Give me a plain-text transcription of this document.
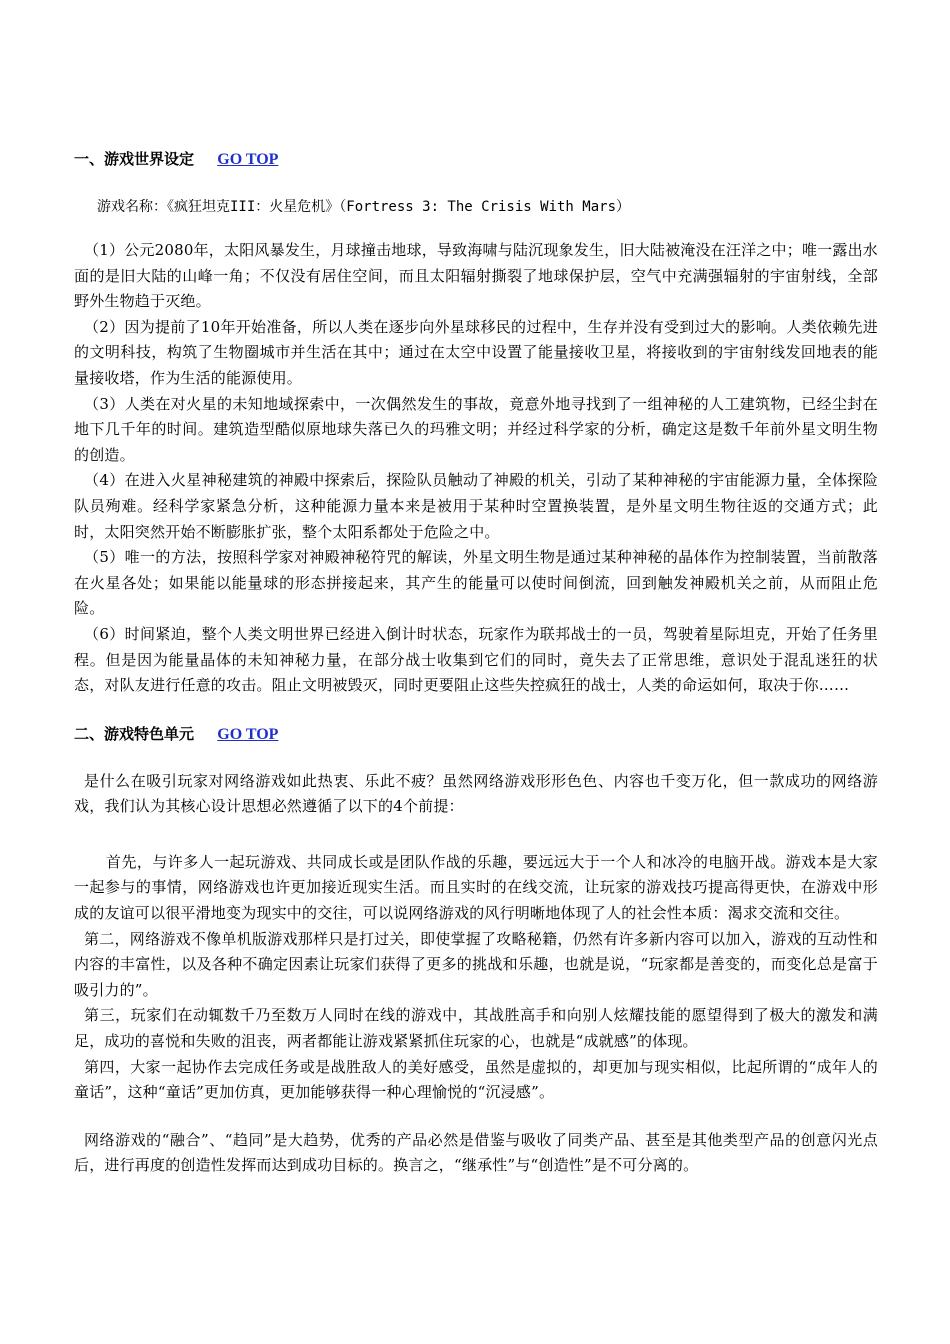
一、游戏世界设定 GO TOP

游戏名称：《疯狂坦克III：火星危机》（Fortress 3: The Crisis With Mars）

（1）公元2080年，太阳风暴发生，月球撞击地球，导致海啸与陆沉现象发生，旧大陆被淹没在汪洋之中；唯一露出水面的是旧大陆的山峰一角；不仅没有居住空间，而且太阳辐射撕裂了地球保护层，空气中充满强辐射的宇宙射线，全部野外生物趋于灭绝。

（2）因为提前了10年开始准备，所以人类在逐步向外星球移民的过程中，生存并没有受到过大的影响。人类依赖先进的文明科技，构筑了生物圈城市并生活在其中；通过在太空中设置了能量接收卫星，将接收到的宇宙射线发回地表的能量接收塔，作为生活的能源使用。

（3）人类在对火星的未知地域探索中，一次偶然发生的事故，竟意外地寻找到了一组神秘的人工建筑物，已经尘封在地下几千年的时间。建筑造型酷似原地球失落已久的玛雅文明；并经过科学家的分析，确定这是数千年前外星文明生物的创造。

（4）在进入火星神秘建筑的神殿中探索后，探险队员触动了神殿的机关，引动了某种神秘的宇宙能源力量，全体探险队员殉难。经科学家紧急分析，这种能源力量本来是被用于某种时空置换装置，是外星文明生物往返的交通方式；此时，太阳突然开始不断膨胀扩张，整个太阳系都处于危险之中。

（5）唯一的方法，按照科学家对神殿神秘符咒的解读，外星文明生物是通过某种神秘的晶体作为控制装置，当前散落在火星各处；如果能以能量球的形态拼接起来，其产生的能量可以使时间倒流，回到触发神殿机关之前，从而阻止危险。

（6）时间紧迫，整个人类文明世界已经进入倒计时状态，玩家作为联邦战士的一员，驾驶着星际坦克，开始了任务里程。但是因为能量晶体的未知神秘力量，在部分战士收集到它们的同时，竟失去了正常思维，意识处于混乱迷狂的状态，对队友进行任意的攻击。阻止文明被毁灭，同时更要阻止这些失控疯狂的战士，人类的命运如何，取决于你……

二、游戏特色单元 GO TOP

是什么在吸引玩家对网络游戏如此热衷、乐此不疲？虽然网络游戏形形色色、内容也千变万化，但一款成功的网络游戏，我们认为其核心设计思想必然遵循了以下的4个前提：

首先，与许多人一起玩游戏、共同成长或是团队作战的乐趣，要远远大于一个人和冰冷的电脑开战。游戏本是大家一起参与的事情，网络游戏也许更加接近现实生活。而且实时的在线交流，让玩家的游戏技巧提高得更快，在游戏中形成的友谊可以很平滑地变为现实中的交往，可以说网络游戏的风行明晰地体现了人的社会性本质：渴求交流和交往。

第二，网络游戏不像单机版游戏那样只是打过关，即使掌握了攻略秘籍，仍然有许多新内容可以加入，游戏的互动性和内容的丰富性，以及各种不确定因素让玩家们获得了更多的挑战和乐趣，也就是说，“玩家都是善变的，而变化总是富于吸引力的”。

第三，玩家们在动辄数千乃至数万人同时在线的游戏中，其战胜高手和向别人炫耀技能的愿望得到了极大的激发和满足，成功的喜悦和失败的沮丧，两者都能让游戏紧紧抓住玩家的心，也就是“成就感”的体现。

第四，大家一起协作去完成任务或是战胜敌人的美好感受，虽然是虚拟的，却更加与现实相似，比起所谓的“成年人的童话”，这种“童话”更加仿真，更加能够获得一种心理愉悦的“沉浸感”。

网络游戏的“融合”、“趋同”是大趋势，优秀的产品必然是借鉴与吸收了同类产品、甚至是其他类型产品的创意闪光点后，进行再度的创造性发挥而达到成功目标的。换言之，“继承性”与“创造性”是不可分离的。
